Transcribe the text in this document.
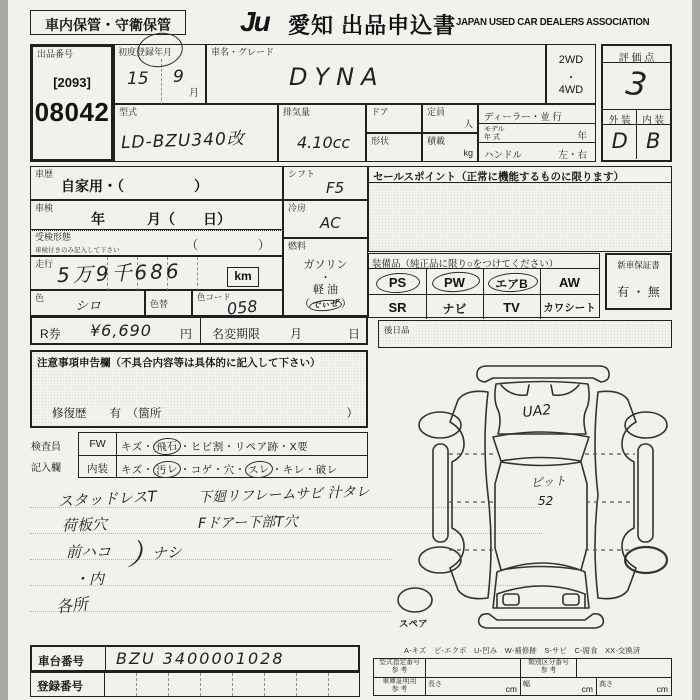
車内保管・守衛保管	Ju 愛知 出品申込書 JAPAN USED CAR DEALERS ASSOCIATION
出品番号
[2093]
08042
初度登録年月
15 9
月
車名・グレード
DYNA
2WD
・
4WD
評 価 点
3
外 装	内 装
D B
型式
LD-BZU340改
排気量
4.10cc
ドア
形状
定員
人
積載
kg
ディーラー・並 行
モデル
年 式	年
ハンドル	左・右
車歴
自家用・（　　　　　）
車検
年　　　月（　　日）
受検形態
車検付きのみ記入して下さい	（　　　　　）
走行 5万9千686	km
色
シロ	色替
色コード
058
シフト
F5
冷房
AC
燃料
ガソリン
・
軽 油
（ でぃぜ ）
セールスポイント（正常に機能するものに限ります）
装備品（純正品に限り○をつけてください）
PS	PW	エアB	AW
SR	ナビ	TV	カワシート
新車保証書
有 ・ 無
R券 ¥6,690 円 名変期限 月	日	後日品
注意事項申告欄（不具合内容等は具体的に記入して下さい）
修復歴　　有　（箇所	）
検査員
記入欄
FW	キズ・ 飛石・ヒビ割・リペア跡・X要
内装	キズ・ 汚レ・コゲ・穴・ スレ・キレ・破レ
スタッドレスT	下廻リフレームサビ 汁タレ
荷板穴	Fドアー下部T穴
前ハコ ）
ナシ
・内
各所
UA2
ピット
52
スペア
A-キズ　ビ-エクボ　U-凹み　W-補修跡　S-サビ　C-腐食　XX-交換済
車台番号 BZU 3400001028
登録番号
型式指定番号
参 考
類別区分番号
参 考
車庫証明用
参 考
長さ	cm 幅	cm 高さ	cm
